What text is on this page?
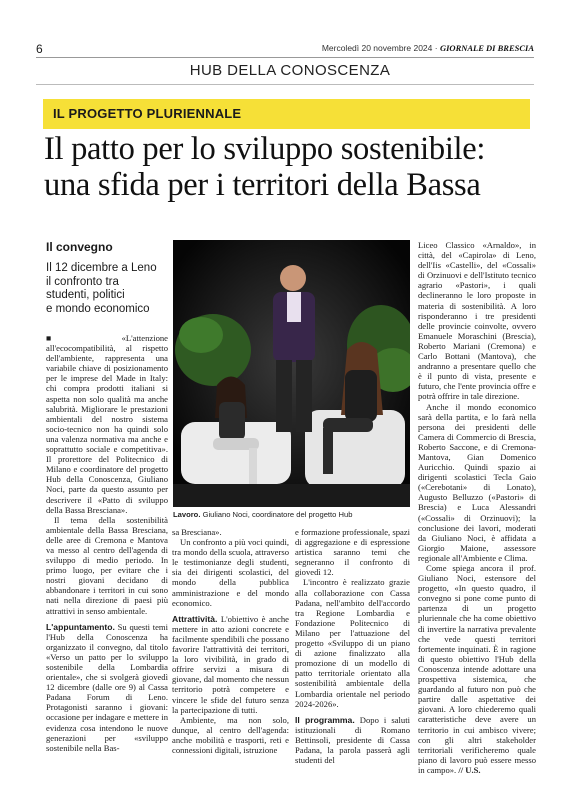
6	Mercoledì 20 novembre 2024 · GIORNALE DI BRESCIA
HUB DELLA CONOSCENZA
IL PROGETTO PLURIENNALE
Il patto per lo sviluppo sostenibile:
una sfida per i territori della Bassa
Il convegno
Il 12 dicembre a Leno
il confronto tra
studenti, politici
e mondo economico

■ «L'attenzione all'ecocompatibilità, al rispetto dell'ambiente, rappresenta una variabile chiave di posizionamento per le imprese del Made in Italy: chi compra prodotti italiani si aspetta non solo qualità ma anche salubrità. Migliorare le prestazioni ambientali del nostro sistema socio-tecnico non ha quindi solo una valenza normativa ma anche e soprattutto sociale e competitiva». Il prorettore del Politecnico di Milano e coordinatore del progetto Hub della Conoscenza, Giuliano Noci, parte da questo assunto per descrivere il «Patto di sviluppo della Bassa Bresciana».

Il tema della sostenibilità ambientale della Bassa Bresciana, delle aree di Cremona e Mantova va messo al centro dell'agenda di sviluppo di medio periodo. In primo luogo, per evitare che i nostri giovani decidano di abbandonare i territori in cui sono nati nella direzione di paesi più attrattivi in senso ambientale.

L'appuntamento. Su questi temi l'Hub della Conoscenza ha organizzato il convegno, dal titolo «Verso un patto per lo sviluppo sostenibile della Lombardia orientale», che si svolgerà giovedì 12 dicembre (dalle ore 9) al Cassa Padana Forum di Leno. Protagonisti saranno i giovani: occasione per indagare e mettere in evidenza cosa intendono le nuove generazioni per «sviluppo sostenibile nella Bas-

Lavoro. Giuliano Noci, coordinatore del progetto Hub

sa Bresciana».

Un confronto a più voci quindi, tra mondo della scuola, attraverso le testimonianze degli studenti, sia dei dirigenti scolastici, del mondo della pubblica amministrazione e del mondo economico.

Attrattività. L'obiettivo è anche mettere in atto azioni concrete e facilmente spendibili che possano favorire l'attrattività dei territori, la loro vivibilità, in grado di offrire servizi a misura di giovane, dal momento che nessun territorio potrà competere e vincere le sfide del futuro senza la partecipazione di tutti.

Ambiente, ma non solo, dunque, al centro dell'agenda: anche mobilità e trasporti, reti e connessioni digitali, istruzione

e formazione professionale, spazi di aggregazione e di espressione artistica saranno temi che segneranno il confronto di giovedì 12.

L'incontro è realizzato grazie alla collaborazione con Cassa Padana, nell'ambito dell'accordo tra Regione Lombardia e Fondazione Politecnico di Milano per l'attuazione del progetto «Sviluppo di un piano di azione finalizzato alla promozione di un modello di patto territoriale orientato alla sostenibilità ambientale della Lombardia orientale nel periodo 2024-2026».

Il programma. Dopo i saluti istituzionali di Romano Bettinsoli, presidente di Cassa Padana, la parola passerà agli studenti del

Liceo Classico «Arnaldo», in città, del «Capirola» di Leno, dell'Iis «Castelli», del «Cossali» di Orzinuovi e dell'Istituto tecnico agrario «Pastori», i quali declineranno le loro proposte in materia di sostenibilità. A loro risponderanno i tre presidenti delle provincie coinvolte, ovvero Emanuele Moraschini (Brescia), Roberto Mariani (Cremona) e Carlo Bottani (Mantova), che andranno a presentare quello che è il punto di vista, presente e futuro, che l'ente provincia offre e potrà offrire in tale direzione.

Anche il mondo economico sarà della partita, e lo farà nella persona dei presidenti delle Camera di Commercio di Brescia, Roberto Saccone, e di Cremona-Mantova, Gian Domenico Auricchio. Quindi spazio ai dirigenti scolastici Tecla Gaio («Cerebotani» di Lonato), Augusto Belluzzo («Pastori» di Brescia) e Luca Alessandri («Cossali» di Orzinuovi); la conclusione dei lavori, moderati da Giuliano Noci, è affidata a Giorgio Maione, assessore regionale all'Ambiente e Clima.

Come spiega ancora il prof. Giuliano Noci, estensore del progetto, «In questo quadro, il convegno si pone come punto di partenza di un progetto pluriennale che ha come obiettivo di invertire la narrativa prevalente che vede questi territori fortemente inquinati. È in ragione di questo obiettivo l'Hub della Conoscenza intende adottare una prospettiva sistemica, che guardando al futuro non può che partire dalle aspettative dei giovani. A loro chiederemo quali caratteristiche deve avere un territorio in cui ambisco vivere; con gli altri stakeholder territoriali verificheremo quale piano di lavoro può essere messo in campo». // U.S.
